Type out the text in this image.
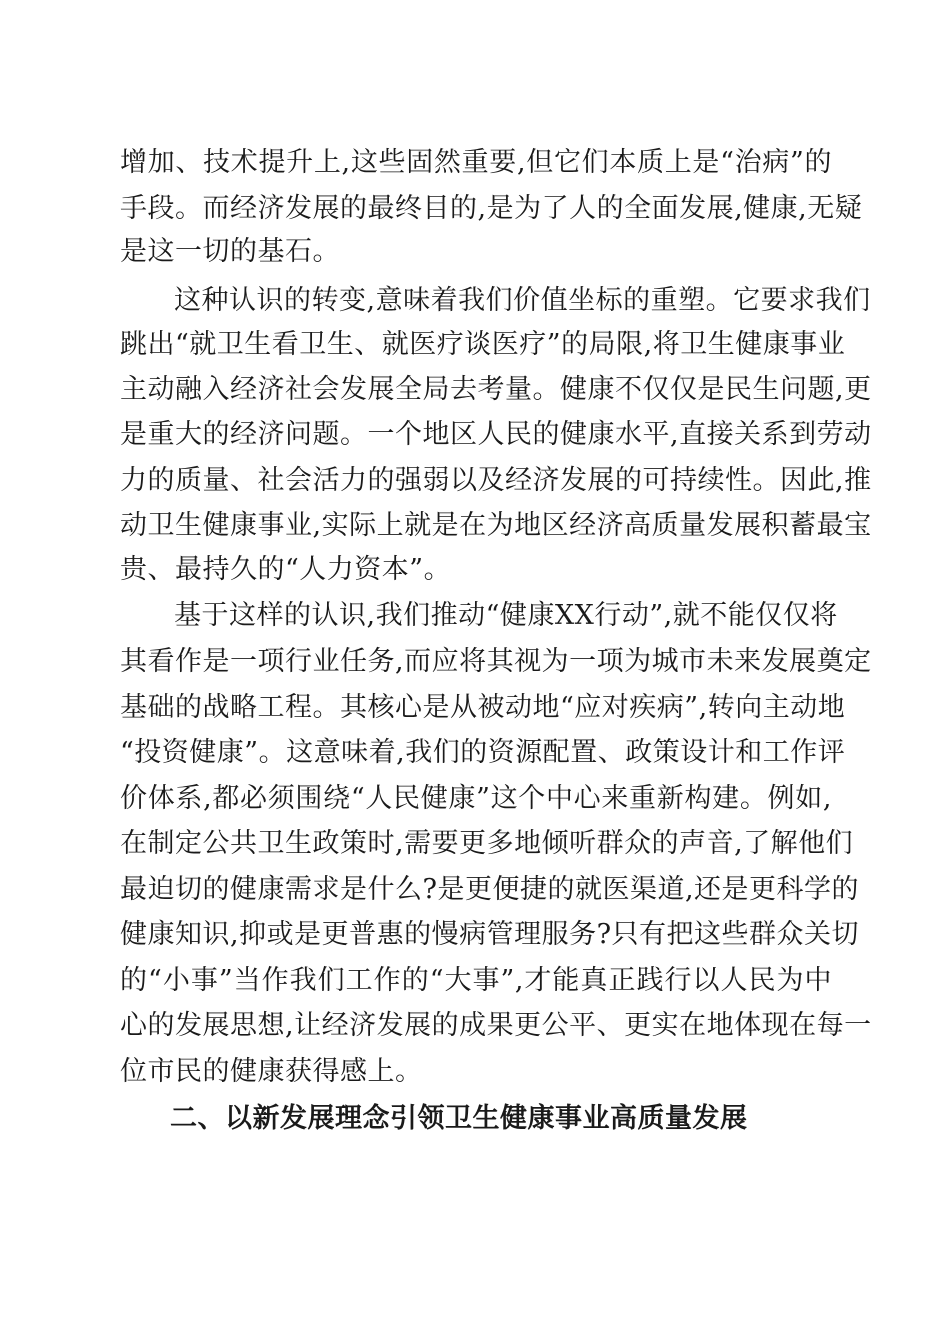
增加、技术提升上,这些固然重要,但它们本质上是“治病”的
手段。而经济发展的最终目的,是为了人的全面发展,健康,无疑
是这一切的基石。
这种认识的转变,意味着我们价值坐标的重塑。它要求我们
跳出“就卫生看卫生、就医疗谈医疗”的局限,将卫生健康事业
主动融入经济社会发展全局去考量。健康不仅仅是民生问题,更
是重大的经济问题。一个地区人民的健康水平,直接关系到劳动
力的质量、社会活力的强弱以及经济发展的可持续性。因此,推
动卫生健康事业,实际上就是在为地区经济高质量发展积蓄最宝
贵、最持久的“人力资本”。
基于这样的认识,我们推动“健康XX行动”,就不能仅仅将
其看作是一项行业任务,而应将其视为一项为城市未来发展奠定
基础的战略工程。其核心是从被动地“应对疾病”,转向主动地
“投资健康”。这意味着,我们的资源配置、政策设计和工作评
价体系,都必须围绕“人民健康”这个中心来重新构建。例如,
在制定公共卫生政策时,需要更多地倾听群众的声音,了解他们
最迫切的健康需求是什么?是更便捷的就医渠道,还是更科学的
健康知识,抑或是更普惠的慢病管理服务?只有把这些群众关切
的“小事”当作我们工作的“大事”,才能真正践行以人民为中
心的发展思想,让经济发展的成果更公平、更实在地体现在每一
位市民的健康获得感上。
二、以新发展理念引领卫生健康事业高质量发展
